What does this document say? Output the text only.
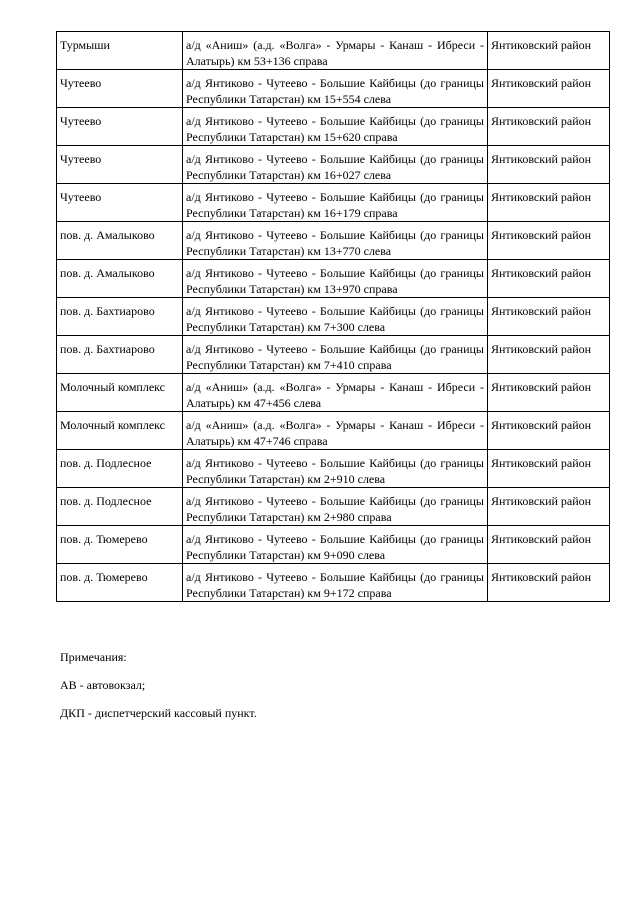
Турмыши	а/д «Аниш» (а.д. «Волга» - Урмары - Канаш - Ибреси - Алатырь) км 53+136 справа	Янтиковский район
Чутеево	а/д Янтиково - Чутеево - Большие Кайбицы (до границы Республики Татарстан) км 15+554 слева	Янтиковский район
Чутеево	а/д Янтиково - Чутеево - Большие Кайбицы (до границы Республики Татарстан) км 15+620 справа	Янтиковский район
Чутеево	а/д Янтиково - Чутеево - Большие Кайбицы (до границы Республики Татарстан) км 16+027 слева	Янтиковский район
Чутеево	а/д Янтиково - Чутеево - Большие Кайбицы (до границы Республики Татарстан) км 16+179 справа	Янтиковский район
пов. д. Амалыково	а/д Янтиково - Чутеево - Большие Кайбицы (до границы Республики Татарстан) км 13+770 слева	Янтиковский район
пов. д. Амалыково	а/д Янтиково - Чутеево - Большие Кайбицы (до границы Республики Татарстан) км 13+970 справа	Янтиковский район
пов. д. Бахтиарово	а/д Янтиково - Чутеево - Большие Кайбицы (до границы Республики Татарстан) км 7+300 слева	Янтиковский район
пов. д. Бахтиарово	а/д Янтиково - Чутеево - Большие Кайбицы (до границы Республики Татарстан) км 7+410 справа	Янтиковский район
Молочный комплекс	а/д «Аниш» (а.д. «Волга» - Урмары - Канаш - Ибреси - Алатырь) км 47+456 слева	Янтиковский район
Молочный комплекс	а/д «Аниш» (а.д. «Волга» - Урмары - Канаш - Ибреси - Алатырь) км 47+746 справа	Янтиковский район
пов. д. Подлесное	а/д Янтиково - Чутеево - Большие Кайбицы (до границы Республики Татарстан) км 2+910 слева	Янтиковский район
пов. д. Подлесное	а/д Янтиково - Чутеево - Большие Кайбицы (до границы Республики Татарстан) км 2+980 справа	Янтиковский район
пов. д. Тюмерево	а/д Янтиково - Чутеево - Большие Кайбицы (до границы Республики Татарстан) км 9+090 слева	Янтиковский район
пов. д. Тюмерево	а/д Янтиково - Чутеево - Большие Кайбицы (до границы Республики Татарстан) км 9+172 справа	Янтиковский район
Примечания:
АВ - автовокзал;
ДКП - диспетчерский кассовый пункт.
